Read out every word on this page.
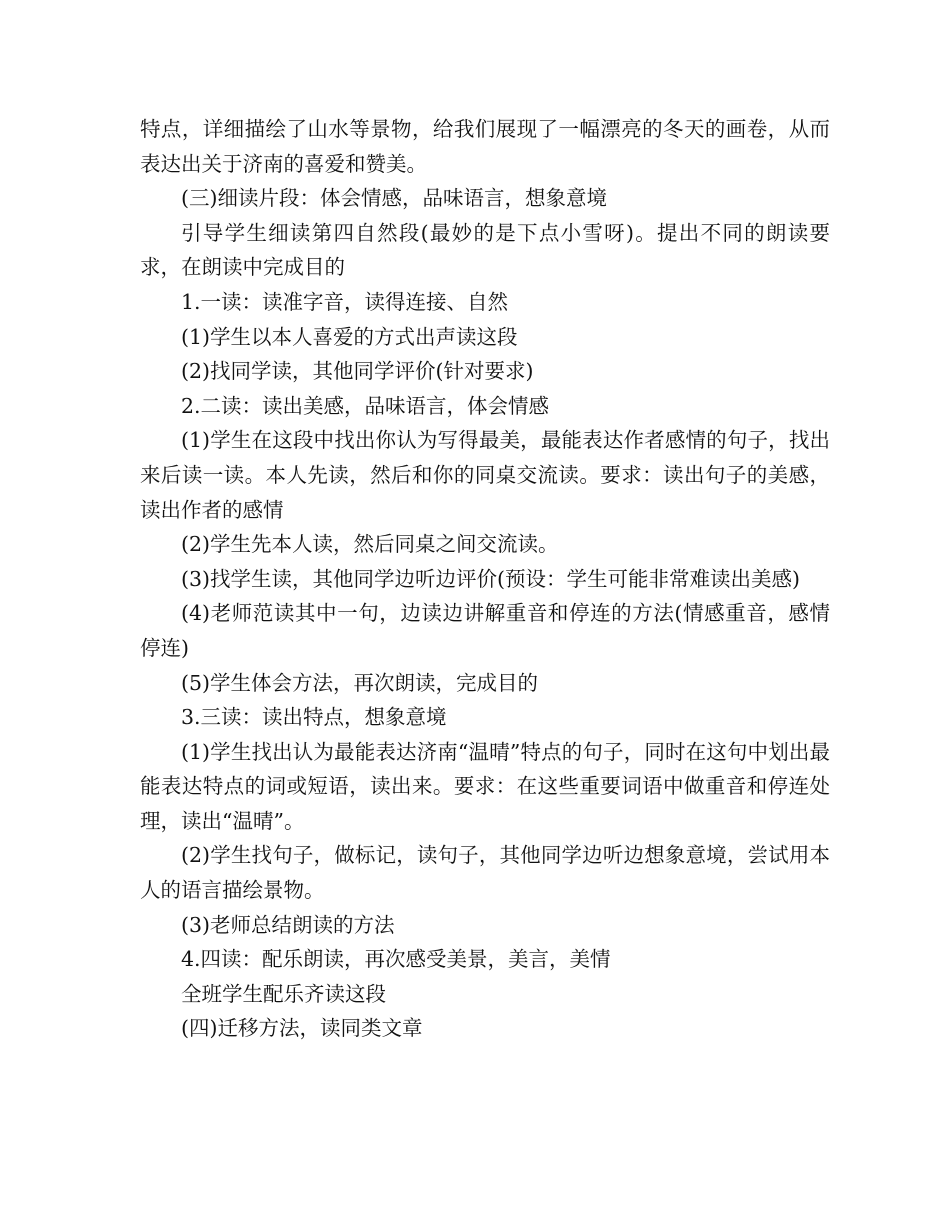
特点，详细描绘了山水等景物，给我们展现了一幅漂亮的冬天的画卷，从而表达出关于济南的喜爱和赞美。

(三)细读片段：体会情感，品味语言，想象意境

引导学生细读第四自然段(最妙的是下点小雪呀)。提出不同的朗读要求，在朗读中完成目的

1.一读：读准字音，读得连接、自然

(1)学生以本人喜爱的方式出声读这段

(2)找同学读，其他同学评价(针对要求)

2.二读：读出美感，品味语言，体会情感

(1)学生在这段中找出你认为写得最美，最能表达作者感情的句子，找出来后读一读。本人先读，然后和你的同桌交流读。要求：读出句子的美感，读出作者的感情

(2)学生先本人读，然后同桌之间交流读。

(3)找学生读，其他同学边听边评价(预设：学生可能非常难读出美感)

(4)老师范读其中一句，边读边讲解重音和停连的方法(情感重音，感情停连)

(5)学生体会方法，再次朗读，完成目的

3.三读：读出特点，想象意境

(1)学生找出认为最能表达济南“温晴”特点的句子，同时在这句中划出最能表达特点的词或短语，读出来。要求：在这些重要词语中做重音和停连处理，读出“温晴”。

(2)学生找句子，做标记，读句子，其他同学边听边想象意境，尝试用本人的语言描绘景物。

(3)老师总结朗读的方法

4.四读：配乐朗读，再次感受美景，美言，美情

全班学生配乐齐读这段

(四)迁移方法，读同类文章
